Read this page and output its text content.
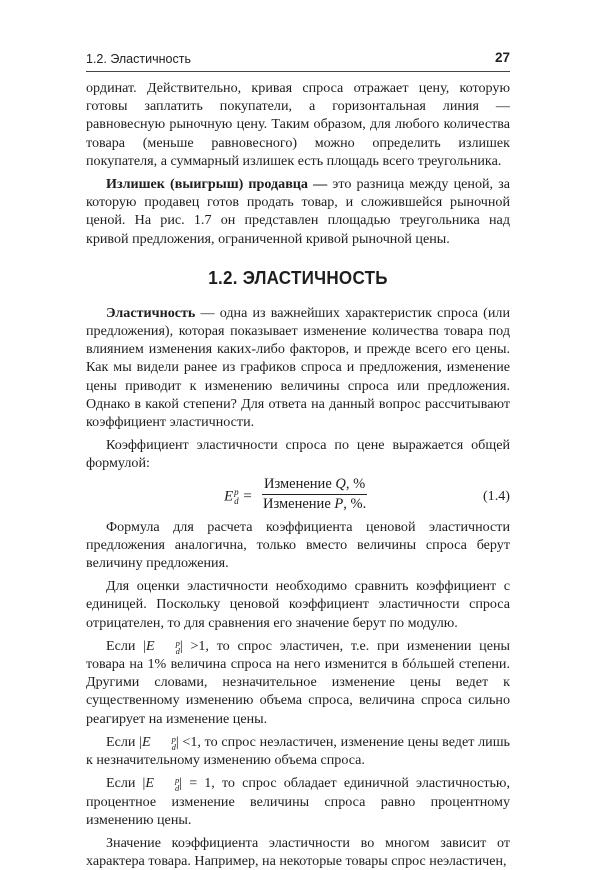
1.2. Эластичность	27

ординат. Действительно, кривая спроса отражает цену, которую готовы заплатить покупатели, а горизонтальная линия — равновесную рыночную цену. Таким образом, для любого количества товара (меньше равновесного) можно определить излишек покупателя, а суммарный излишек есть площадь всего треугольника.

Излишек (выигрыш) продавца — это разница между ценой, за которую продавец готов продать товар, и сложившейся рыночной ценой. На рис. 1.7 он представлен площадью треугольника над кривой предложения, ограниченной кривой рыночной цены.

1.2. ЭЛАСТИЧНОСТЬ

Эластичность — одна из важнейших характеристик спроса (или предложения), которая показывает изменение количества товара под влиянием изменения каких-либо факторов, и прежде всего его цены. Как мы видели ранее из графиков спроса и предложения, изменение цены приводит к изменению величины спроса или предложения. Однако в какой степени? Для ответа на данный вопрос рассчитывают коэффициент эластичности.

Коэффициент эластичности спроса по цене выражается общей формулой:

E p
d =
Изменение Q, %
Изменение P, %.	(1.4)

Формула для расчета коэффициента ценовой эластичности предложения аналогична, только вместо величины спроса берут величину предложения.

Для оценки эластичности необходимо сравнить коэффициент с единицей. Поскольку ценовой коэффициент эластичности спроса отрицателен, то для сравнения его значение берут по модулю.

Если |E	p
d | >1, то спрос эластичен, т.е. при изменении цены товара на 1% величина спроса на него изменится в бóльшей степени. Другими словами, незначительное изменение цены ведет к существенному изменению объема спроса, величина спроса сильно реагирует на изменение цены.

Если |E	p
d | <1, то спрос неэластичен, изменение цены ведет лишь к незначительному изменению объема спроса.

Если |E	p
d | = 1, то спрос обладает единичной эластичностью, процентное изменение величины спроса равно процентному изменению цены.

Значение коэффициента эластичности во многом зависит от характера товара. Например, на некоторые товары спрос неэластичен,
